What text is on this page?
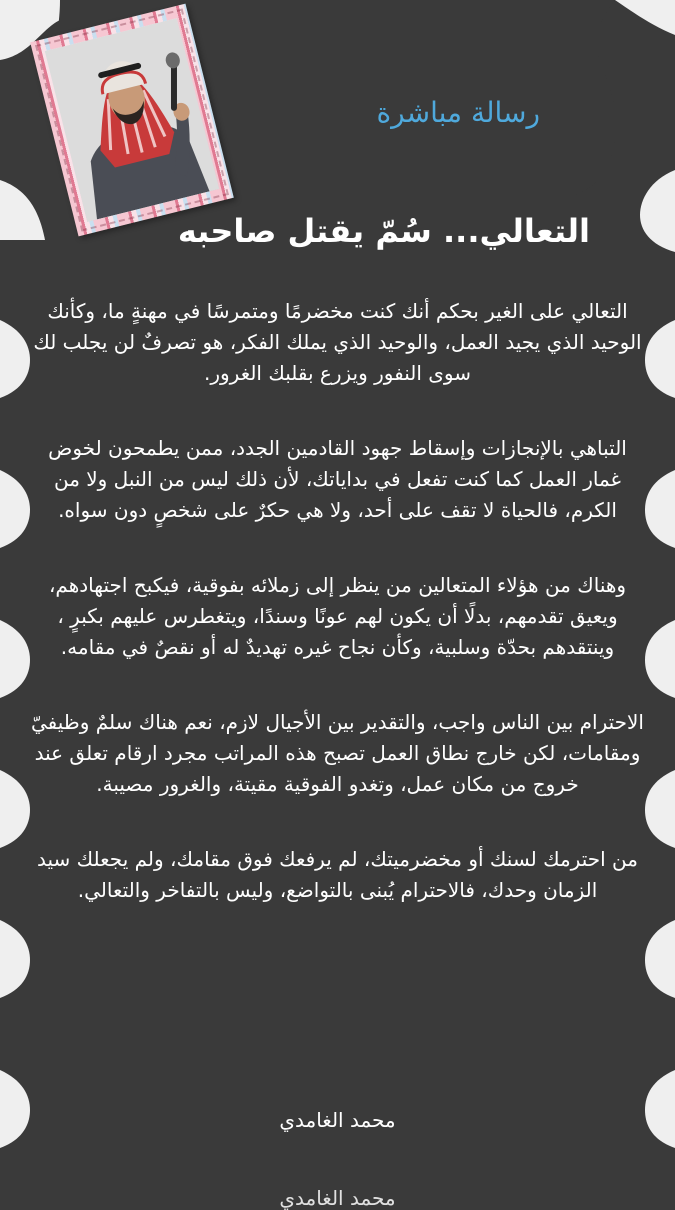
رسالة مباشرة
التعالي... سُمّ يقتل صاحبه

التعالي على الغير بحكم أنك كنت مخضرمًا ومتمرسًا في مهنةٍ ما، وكأنك الوحيد الذي يجيد العمل، والوحيد الذي يملك الفكر، هو تصرفٌ لن يجلب لك سوى النفور ويزرع بقلبك الغرور.

التباهي بالإنجازات وإسقاط جهود القادمين الجدد، ممن يطمحون لخوض غمار العمل كما كنت تفعل في بداياتك، لأن ذلك ليس من النبل ولا من الكرم، فالحياة لا تقف على أحد، ولا هي حكرٌ على شخصٍ دون سواه.

وهناك من هؤلاء المتعالين من ينظر إلى زملائه بفوقية، فيكبح اجتهادهم، ويعيق تقدمهم، بدلًا أن يكون لهم عونًا وسندًا، ويتغطرس عليهم بكبرٍ ، وينتقدهم بحدّة وسلبية، وكأن نجاح غيره تهديدٌ له أو نقصٌ في مقامه.

الاحترام بين الناس واجب، والتقدير بين الأجيال لازم، نعم هناك سلمٌ وظيفيّ ومقامات، لكن خارج نطاق العمل تصبح هذه المراتب مجرد ارقام تعلق عند خروج من مكان عمل، وتغدو الفوقية مقيتة، والغرور مصيبة.

من احترمك لسنك أو مخضرميتك، لم يرفعك فوق مقامك، ولم يجعلك سيد الزمان وحدك، فالاحترام يُبنى بالتواضع، وليس بالتفاخر والتعالي.

محمد الغامدي
محمد الغامدي
